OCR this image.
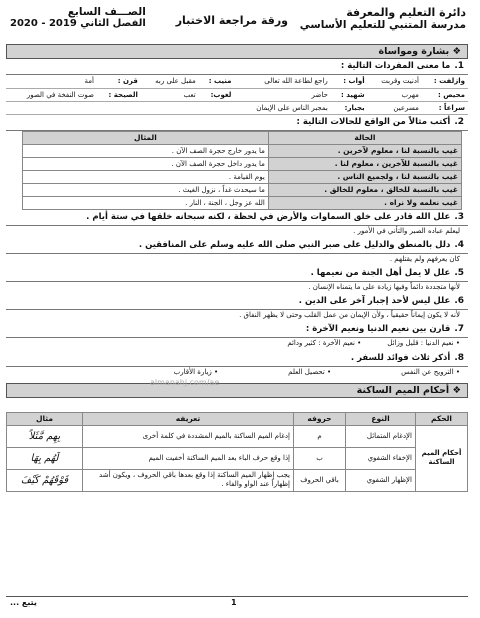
دائرة التعليم والمعرفة
مدرسة المتنبي للتعليم الأساسي
ورقة مراجعة الاختبار
الصـــف السابع
الفصل الثاني 2019 - 2020
❖ بشارة ومواساة
1.ما معنى المفردات التالية :
وازلفت :	أدنيت وقربت	أواب :	راجع لطاعة الله تعالى	منيب :	مقبل على ربه	قرن :	أمة
محيص :	مهرب	شهيد :	حاضر	لغوب:	تعب	الصيحة :	صوت النفخة في الصور
سراعاً :	مسرعين	بجبار:	بمجبر الناس على الإيمان				
2.أكتب مثالاً من الواقع للحالات التالية :
الحالة	المثال
غيب بالنسبة لنا ، معلوم لآخرين .	ما يدور خارج حجرة الصف الآن .
غيب بالنسبة للآخرين ، معلوم لنا .	ما يدور داخل حجرة الصف الآن .
غيب بالنسبة لنا ، ولجميع الناس .	يوم القيامة .
غيب بالنسبة للخالق ، معلوم للخالق .	ما سيحدث غداً ، نزول الغيث .
غيب نعلمه ولا نراه .	الله عز وجل ، الجنة ، النار .
3.علل الله قادر على خلق السماوات والأرض في لحظة ، لكنه سبحانه خلقها في ستة أيام .
ليعلم عباده الصبر والتأني في الأمور .
4.دلل بالمنطق والدليل على صبر النبي صلى الله عليه وسلم على المنافقين .
كان يعرفهم ولم يقتلهم .
5.علل لا يمل أهل الجنة من نعيمها .
لأنها متجددة دائماً وفيها زيادة على ما يتمناه الإنسان .
6.علل ليس لأحد إجبار آخر على الدين .
لأنه لا يكون إيماناً حقيقياً ، ولأن الإيمان من عمل القلب وحتى لا يظهر النفاق .
7.قارن بين نعيم الدنيا ونعيم الآخرة :
• نعيم الدنيا : قليل وزائل
• نعيم الآخرة : كثير ودائم
8.أذكر ثلاث فوائد للسفر .
• الترويح عن النفس
• تحصيل العلم
• زيارة الأقارب
❖ أحكام الميم الساكنة
الحكم	النوع	حروفه	تعريفه	مثال
أحكام الميم الساكنة	الإدغام المتماثل	م	إدغام الميم الساكنة بالميم المشددة في كلمة أخرى	بِهِم مَّثَلاً
	الإخفاء الشفوي	ب	إذا وقع حرف الباء بعد الميم الساكنة أخفيت الميم	لَهُم بِهَا
	الإظهار الشفوي	باقي الحروف	يجب إظهار الميم الساكنة إذا وقع بعدها باقي الحروف ، ويكون أشد إظهاراً عند الواو والفاء .	فَوْقَهُمْ كَيْفَ
1
يتبع ...
almanahj.com/ae
